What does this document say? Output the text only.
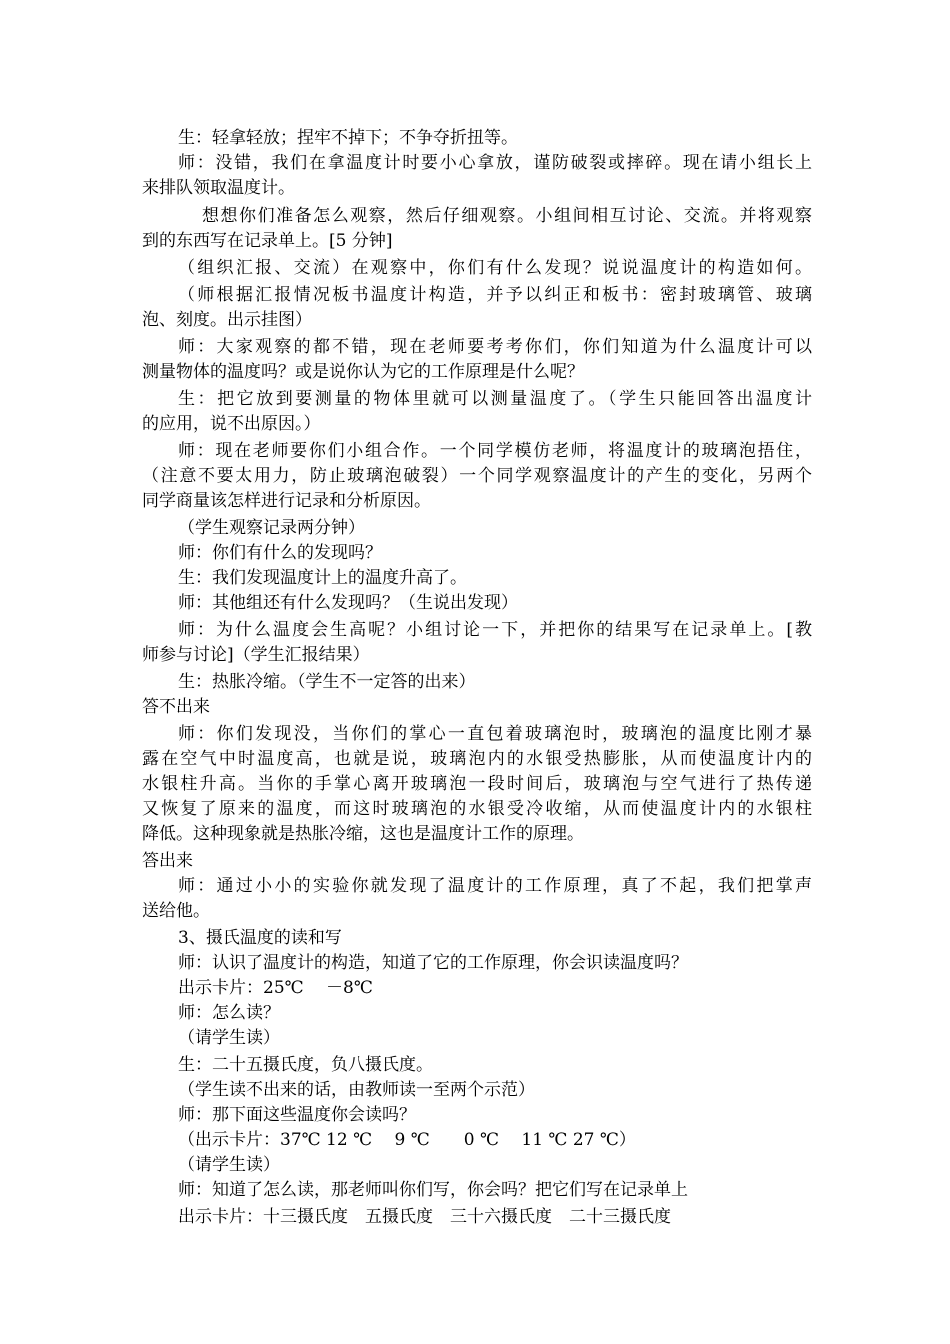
生：轻拿轻放；捏牢不掉下；不争夺折扭等。
师：没错，我们在拿温度计时要小心拿放，谨防破裂或摔碎。现在请小组长上
来排队领取温度计。
想想你们准备怎么观察，然后仔细观察。小组间相互讨论、交流。并将观察
到的东西写在记录单上。[5 分钟]
（组织汇报、交流）在观察中，你们有什么发现？说说温度计的构造如何。
（师根据汇报情况板书温度计构造，并予以纠正和板书：密封玻璃管、玻璃
泡、刻度。出示挂图）
师：大家观察的都不错，现在老师要考考你们，你们知道为什么温度计可以
测量物体的温度吗？或是说你认为它的工作原理是什么呢？
生：把它放到要测量的物体里就可以测量温度了。（学生只能回答出温度计
的应用，说不出原因。）
师：现在老师要你们小组合作。一个同学模仿老师，将温度计的玻璃泡捂住，
（注意不要太用力，防止玻璃泡破裂）一个同学观察温度计的产生的变化，另两个
同学商量该怎样进行记录和分析原因。
（学生观察记录两分钟）
师：你们有什么的发现吗？
生：我们发现温度计上的温度升高了。
师：其他组还有什么发现吗？（生说出发现）
师：为什么温度会生高呢？小组讨论一下，并把你的结果写在记录单上。[教
师参与讨论]（学生汇报结果）
生：热胀冷缩。（学生不一定答的出来）
答不出来
师：你们发现没，当你们的掌心一直包着玻璃泡时，玻璃泡的温度比刚才暴
露在空气中时温度高，也就是说，玻璃泡内的水银受热膨胀，从而使温度计内的
水银柱升高。当你的手掌心离开玻璃泡一段时间后，玻璃泡与空气进行了热传递
又恢复了原来的温度，而这时玻璃泡的水银受冷收缩，从而使温度计内的水银柱
降低。这种现象就是热胀冷缩，这也是温度计工作的原理。
答出来
师：通过小小的实验你就发现了温度计的工作原理，真了不起，我们把掌声
送给他。
3、摄氏温度的读和写
师：认识了温度计的构造，知道了它的工作原理，你会识读温度吗？
出示卡片：25℃　 －8℃
师：怎么读？
（请学生读）
生：二十五摄氏度，负八摄氏度。
（学生读不出来的话，由教师读一至两个示范）
师：那下面这些温度你会读吗？
（出示卡片：37℃ 12 ℃　 9 ℃　　0 ℃　 11 ℃ 27 ℃）
（请学生读）
师：知道了怎么读，那老师叫你们写，你会吗？把它们写在记录单上
出示卡片：十三摄氏度　五摄氏度　三十六摄氏度　二十三摄氏度
